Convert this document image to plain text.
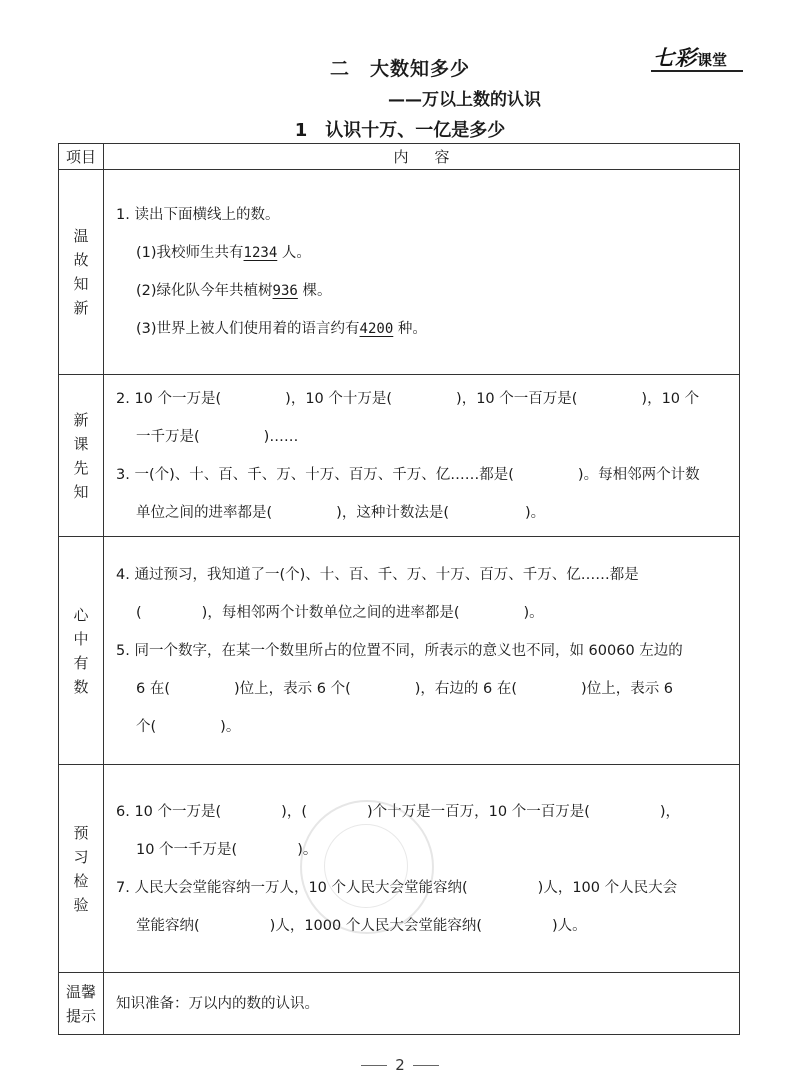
七彩课堂
二　大数知多少
——万以上数的认识
1　认识十万、一亿是多少
项目	内容
温故知新	1. 读出下面横线上的数。
(1)我校师生共有1234 人。
(2)绿化队今年共植树936 棵。
(3)世界上被人们使用着的语言约有4200 种。

新课先知	2. 10 个一万是( )，10 个十万是( )，10 个一百万是( )，10 个
一千万是( )……
3. 一(个)、十、百、千、万、十万、百万、千万、亿……都是( )。每相邻两个计数
单位之间的进率都是( )，这种计数法是( )。

心中有数	4. 通过预习，我知道了一(个)、十、百、千、万、十万、百万、千万、亿……都是
( )，每相邻两个计数单位之间的进率都是( )。
5. 同一个数字，在某一个数里所占的位置不同，所表示的意义也不同，如 60060 左边的
6 在( )位上，表示 6 个( )，右边的 6 在( )位上，表示 6
个( )。

预习检验	6. 10 个一万是( )，( )个十万是一百万，10 个一百万是( )，
10 个一千万是( )。
7. 人民大会堂能容纳一万人，10 个人民大会堂能容纳( )人，100 个人民大会
堂能容纳( )人，1000 个人民大会堂能容纳( )人。

温馨提示	知识准备：万以内的数的认识。
2
